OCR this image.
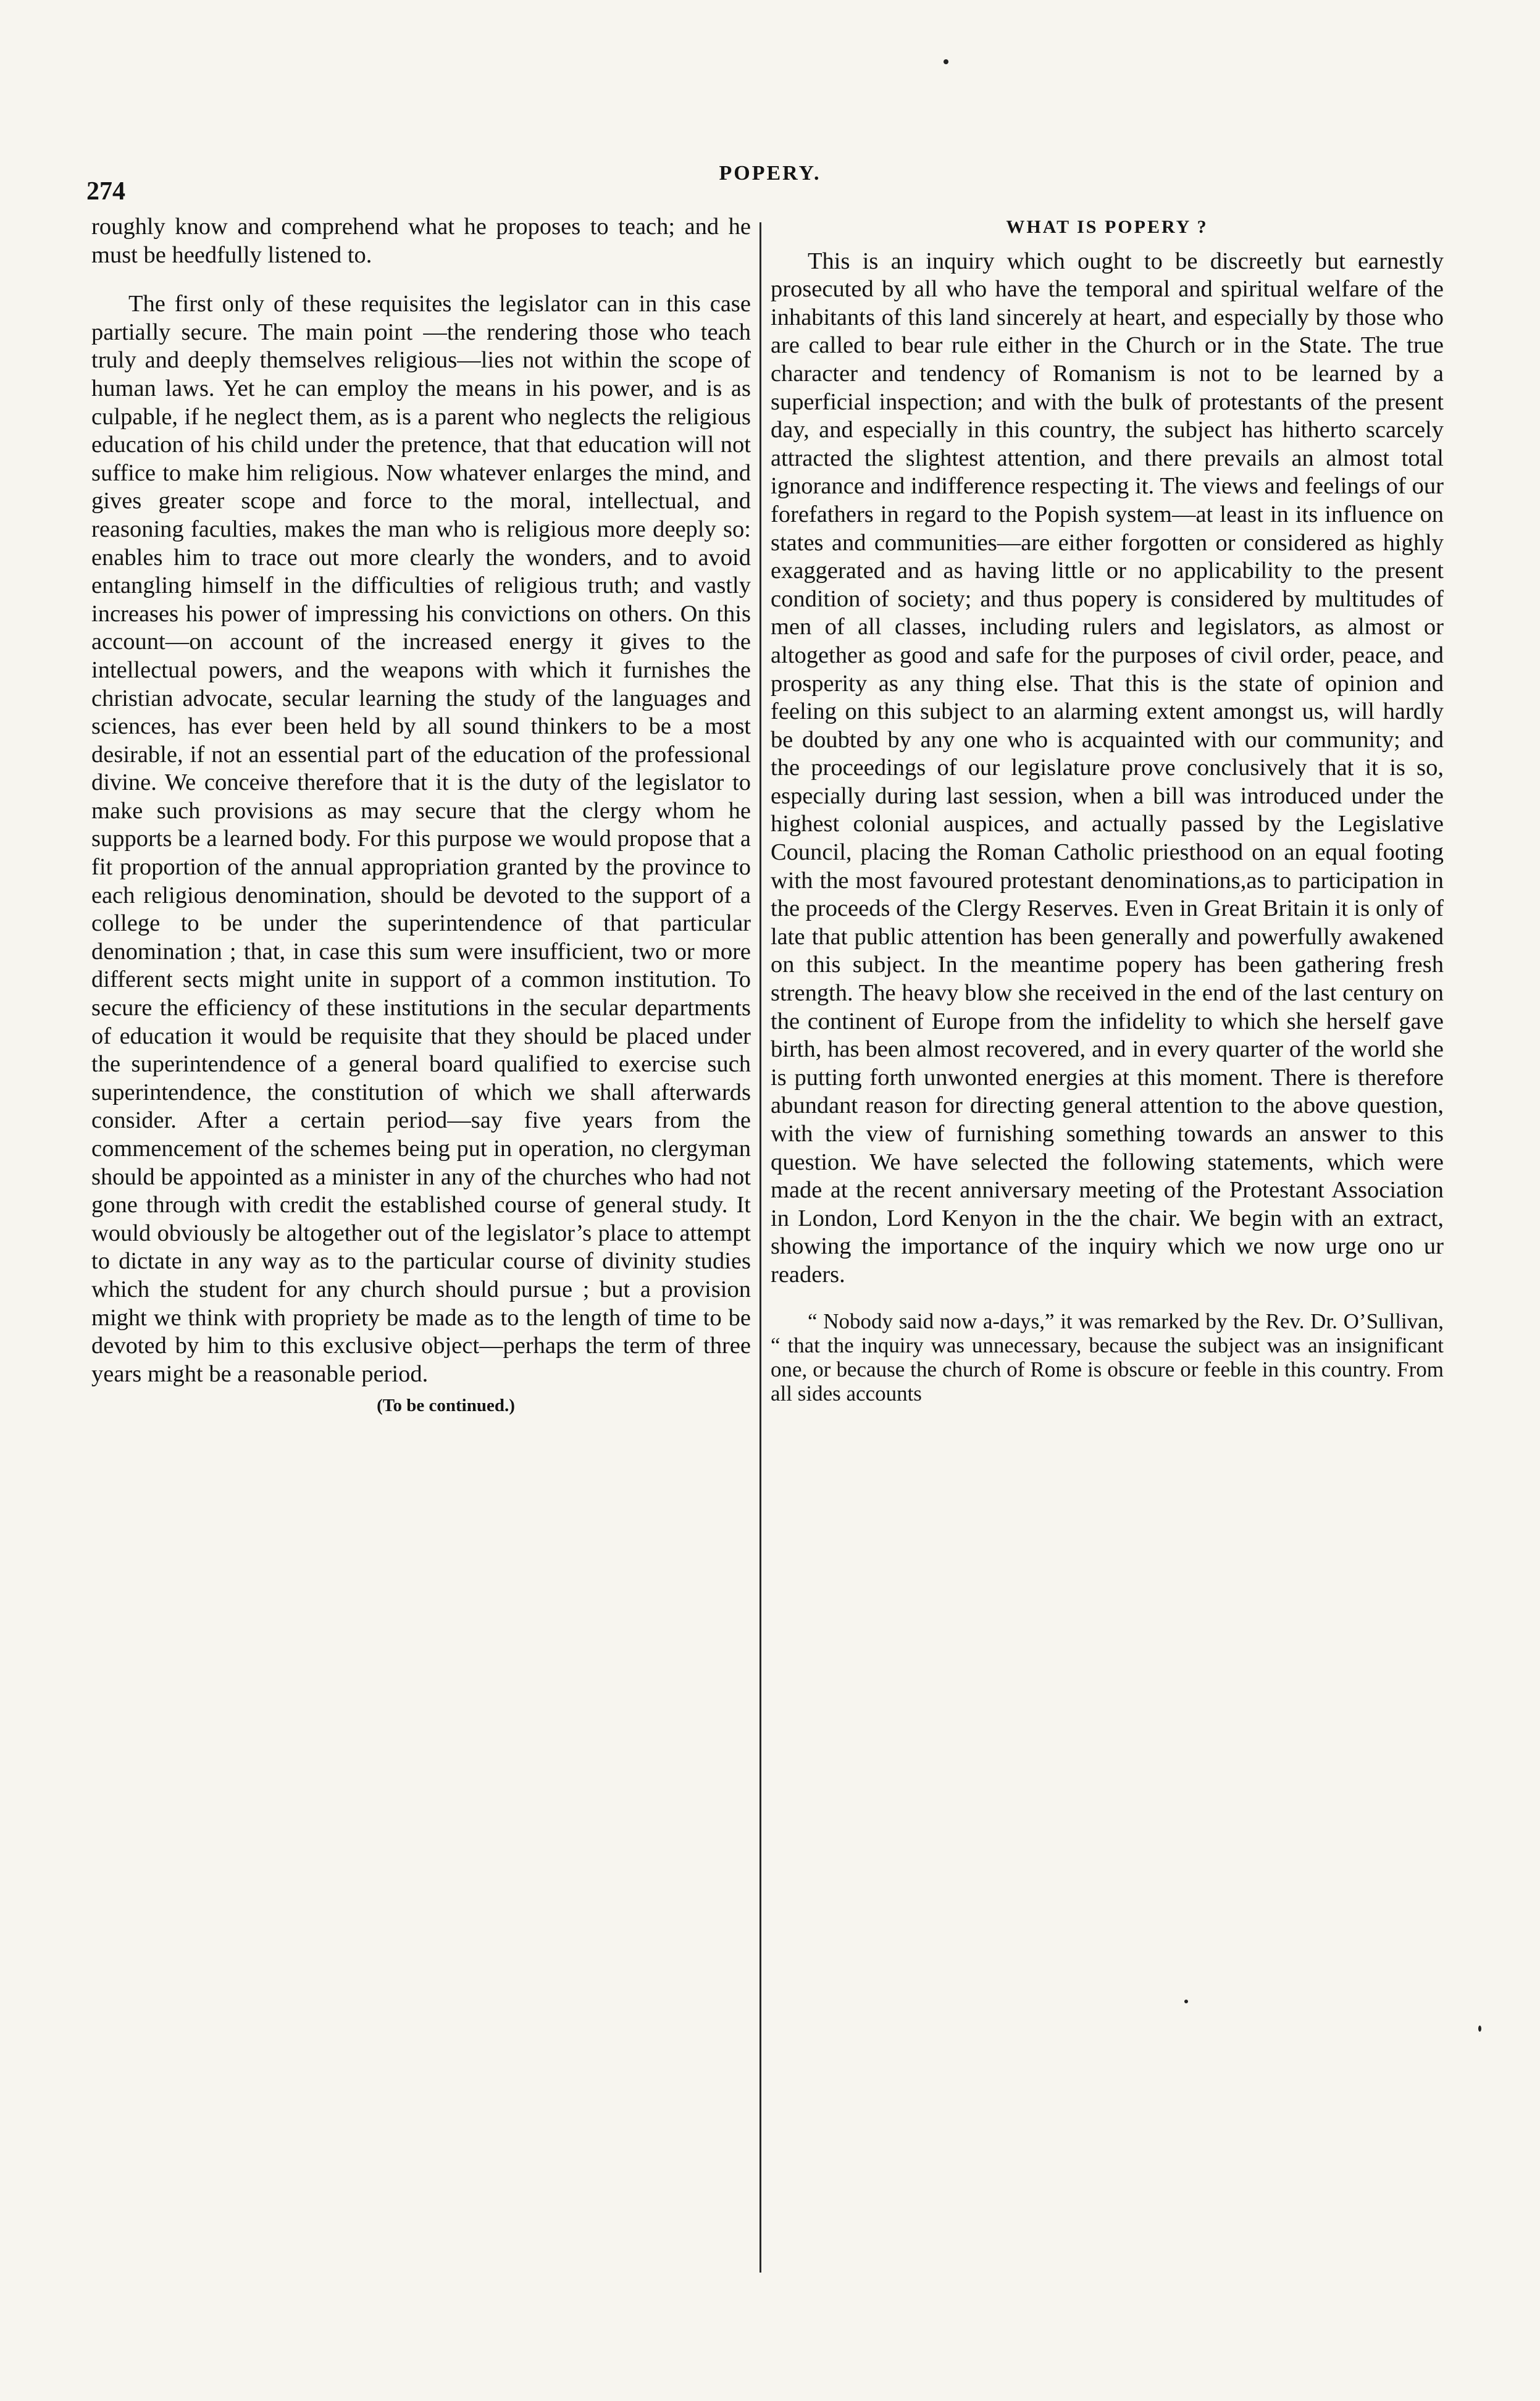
274
POPERY.

roughly know and comprehend what he proposes to teach; and he must be heedfully listened to.

The first only of these requisites the legislator can in this case partially secure. The main point —the rendering those who teach truly and deeply themselves religious—lies not within the scope of human laws. Yet he can employ the means in his power, and is as culpable, if he neglect them, as is a parent who neglects the religious education of his child under the pretence, that that education will not suffice to make him religious. Now whatever enlarges the mind, and gives greater scope and force to the moral, intellectual, and reasoning faculties, makes the man who is religious more deeply so: enables him to trace out more clearly the wonders, and to avoid entangling himself in the difficulties of religious truth; and vastly increases his power of impressing his convictions on others. On this account—on account of the increased energy it gives to the intellectual powers, and the weapons with which it furnishes the christian advocate, secular learning the study of the languages and sciences, has ever been held by all sound thinkers to be a most desirable, if not an essential part of the education of the professional divine. We conceive therefore that it is the duty of the legislator to make such provisions as may secure that the clergy whom he supports be a learned body. For this purpose we would propose that a fit proportion of the annual appropriation granted by the province to each religious denomination, should be devoted to the support of a college to be under the superintendence of that particular denomination ; that, in case this sum were insufficient, two or more different sects might unite in support of a common institution. To secure the efficiency of these institutions in the secular departments of education it would be requisite that they should be placed under the superintendence of a general board qualified to exercise such superintendence, the constitution of which we shall afterwards consider. After a certain period—say five years from the commencement of the schemes being put in operation, no clergyman should be appointed as a minister in any of the churches who had not gone through with credit the established course of general study. It would obviously be altogether out of the legislator’s place to attempt to dictate in any way as to the particular course of divinity studies which the student for any church should pursue ; but a provision might we think with propriety be made as to the length of time to be devoted by him to this exclusive object—perhaps the term of three years might be a reasonable period.

(To be continued.)

WHAT IS POPERY ?

This is an inquiry which ought to be discreetly but earnestly prosecuted by all who have the temporal and spiritual welfare of the inhabitants of this land sincerely at heart, and especially by those who are called to bear rule either in the Church or in the State. The true character and tendency of Romanism is not to be learned by a superficial inspection; and with the bulk of protestants of the present day, and especially in this country, the subject has hitherto scarcely attracted the slightest attention, and there prevails an almost total ignorance and indifference respecting it. The views and feelings of our forefathers in regard to the Popish system—at least in its influence on states and communities—are either forgotten or considered as highly exaggerated and as having little or no applicability to the present condition of society; and thus popery is considered by multitudes of men of all classes, including rulers and legislators, as almost or altogether as good and safe for the purposes of civil order, peace, and prosperity as any thing else. That this is the state of opinion and feeling on this subject to an alarming extent amongst us, will hardly be doubted by any one who is acquainted with our community; and the proceedings of our legislature prove conclusively that it is so, especially during last session, when a bill was introduced under the highest colonial auspices, and actually passed by the Legislative Council, placing the Roman Catholic priesthood on an equal footing with the most favoured protestant denominations,as to participation in the proceeds of the Clergy Reserves. Even in Great Britain it is only of late that public attention has been generally and powerfully awakened on this subject. In the meantime popery has been gathering fresh strength. The heavy blow she received in the end of the last century on the continent of Europe from the infidelity to which she herself gave birth, has been almost recovered, and in every quarter of the world she is putting forth unwonted energies at this moment. There is therefore abundant reason for directing general attention to the above question, with the view of furnishing something towards an answer to this question. We have selected the following statements, which were made at the recent anniversary meeting of the Protestant Association in London, Lord Kenyon in the the chair. We begin with an extract, showing the importance of the inquiry which we now urge ono ur readers.

“ Nobody said now a-days,” it was remarked by the Rev. Dr. O’Sullivan, “ that the inquiry was unnecessary, because the subject was an insignificant one, or because the church of Rome is obscure or feeble in this country. From all sides accounts
